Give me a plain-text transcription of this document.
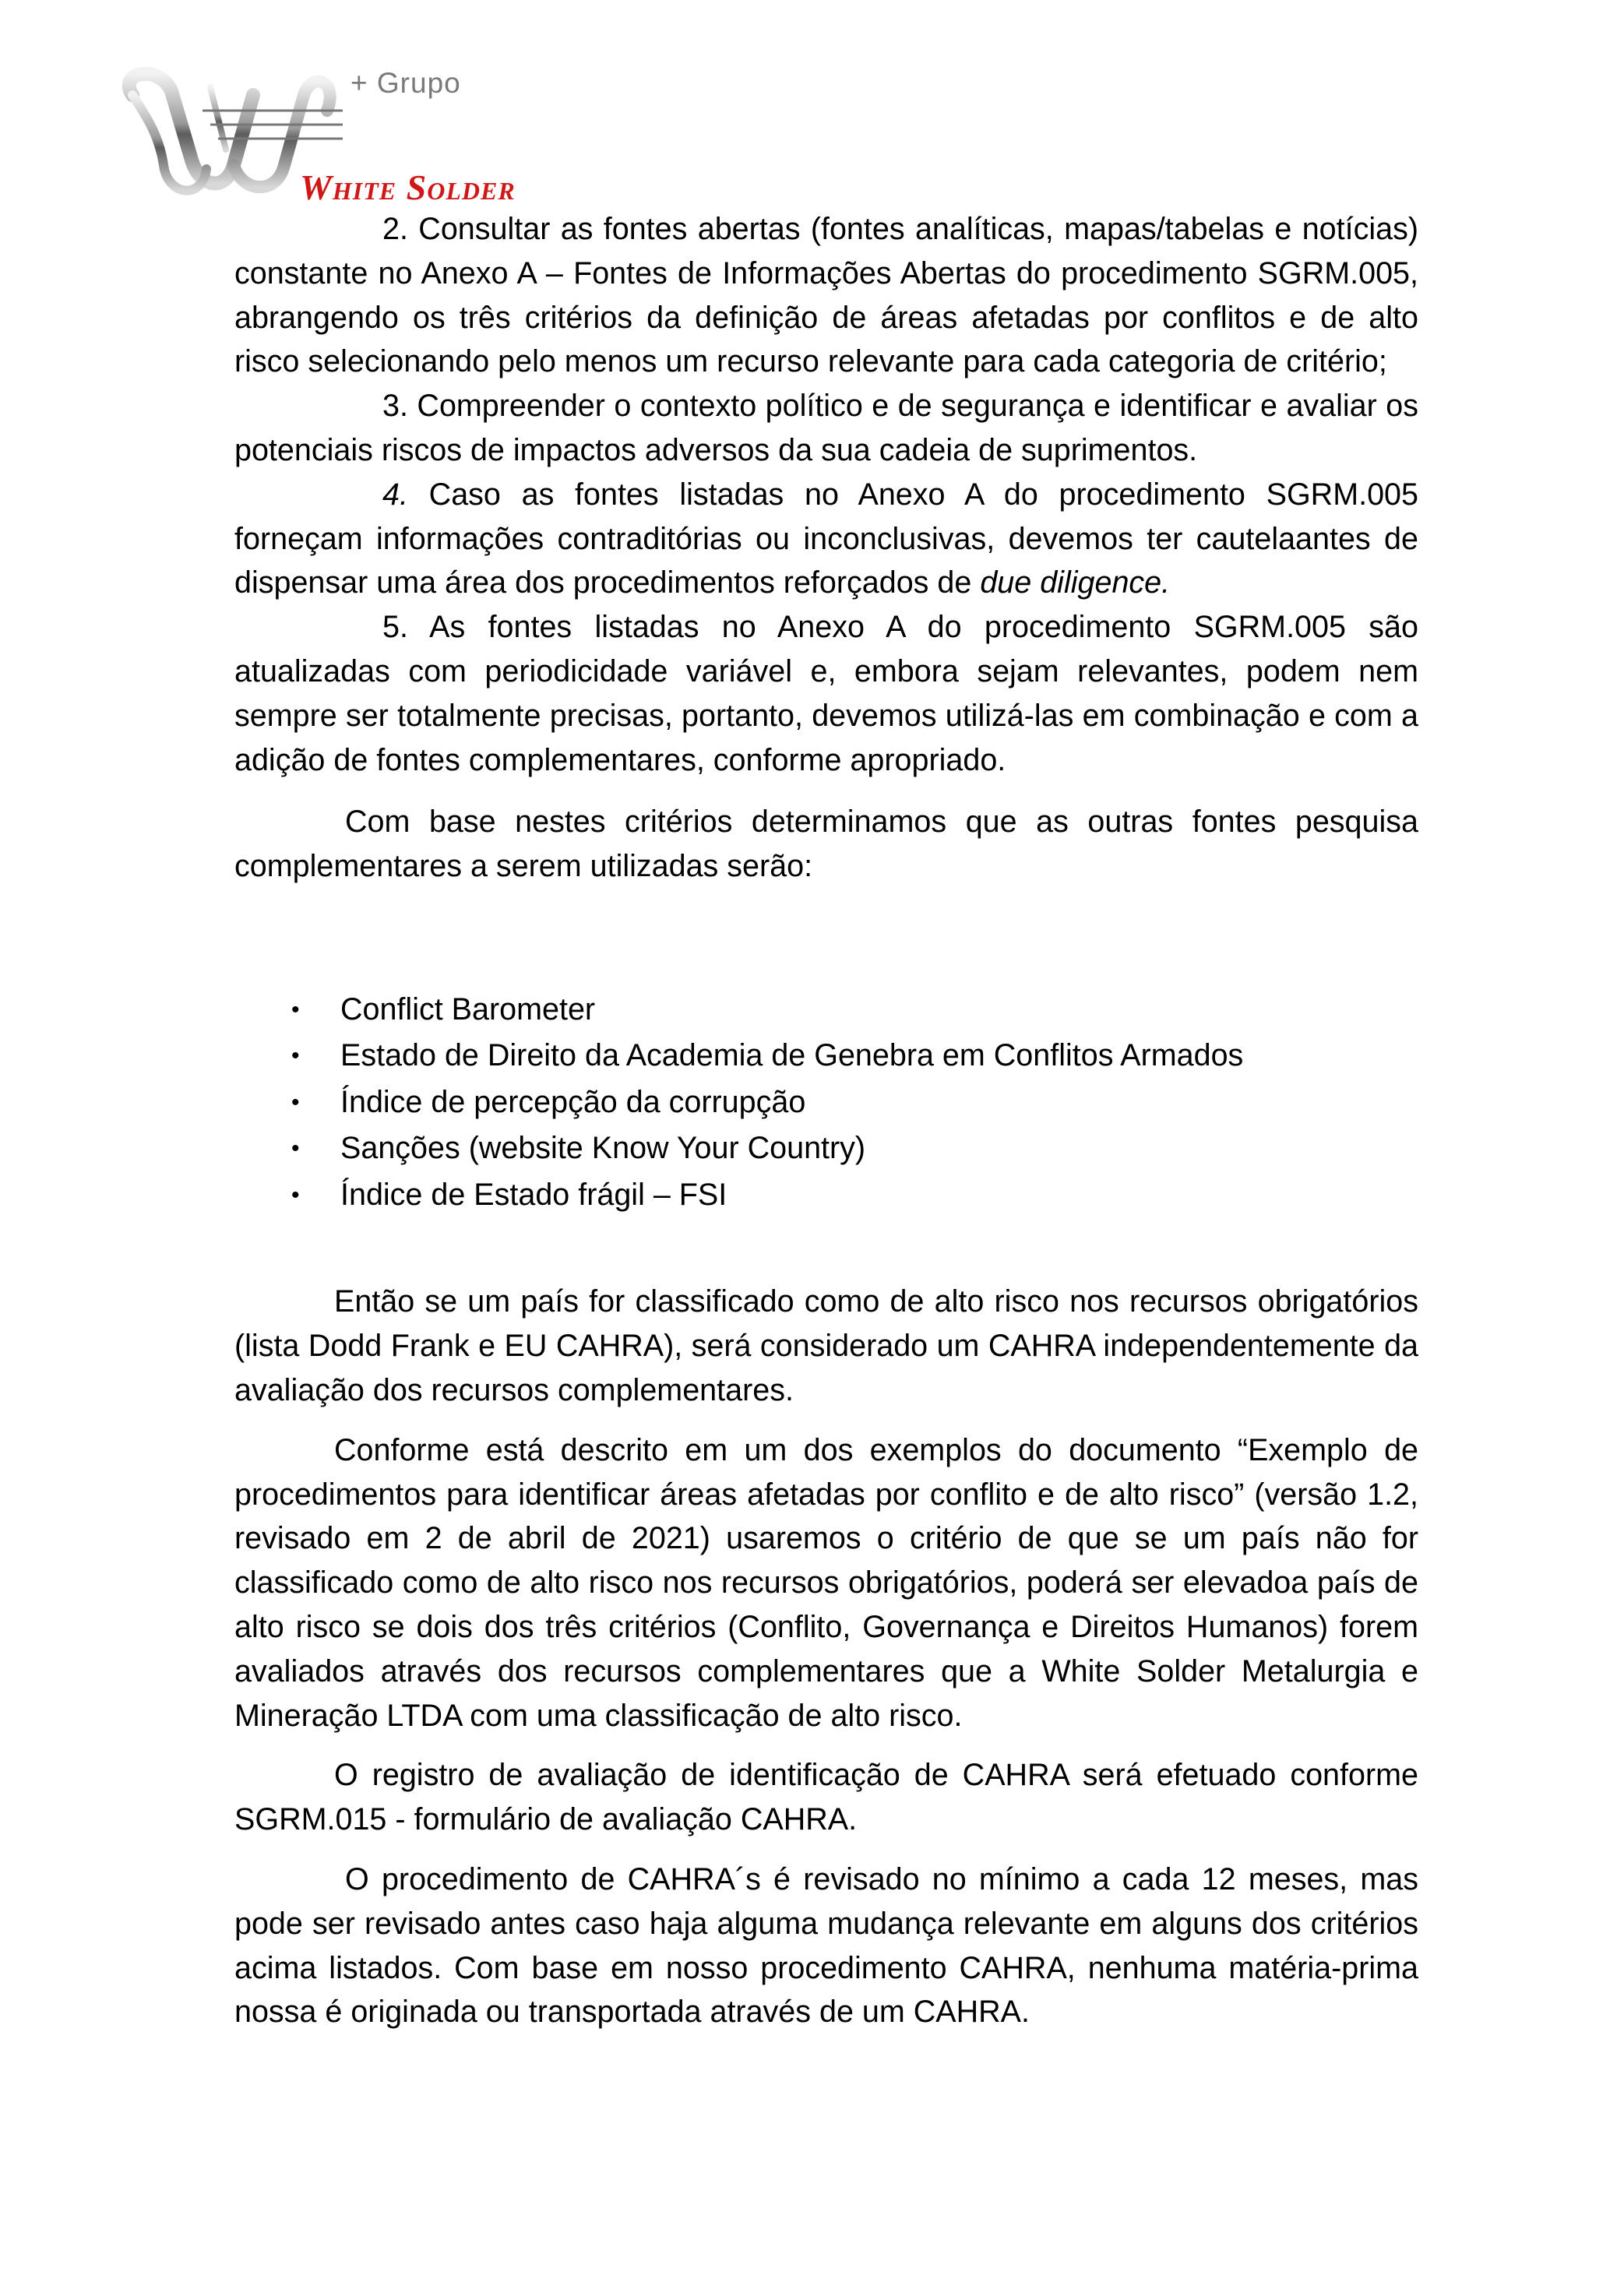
+ Grupo
White Solder

2. Consultar as fontes abertas (fontes analíticas, mapas/tabelas e notícias) constante no Anexo A – Fontes de Informações Abertas do procedimento SGRM.005, abrangendo os três critérios da definição de áreas afetadas por conflitos e de alto risco selecionando pelo menos um recurso relevante para cada categoria de critério;

3. Compreender o contexto político e de segurança e identificar e avaliar os potenciais riscos de impactos adversos da sua cadeia de suprimentos.

4. Caso as fontes listadas no Anexo A do procedimento SGRM.005 forneçam informações contraditórias ou inconclusivas, devemos ter cautelaantes de dispensar uma área dos procedimentos reforçados de due diligence.

5. As fontes listadas no Anexo A do procedimento SGRM.005 são atualizadas com periodicidade variável e, embora sejam relevantes, podem nem sempre ser totalmente precisas, portanto, devemos utilizá-las em combinação e com a adição de fontes complementares, conforme apropriado.

Com base nestes critérios determinamos que as outras fontes pesquisa complementares a serem utilizadas serão:

• Conflict Barometer
• Estado de Direito da Academia de Genebra em Conflitos Armados
• Índice de percepção da corrupção
• Sanções (website Know Your Country)
• Índice de Estado frágil – FSI

Então se um país for classificado como de alto risco nos recursos obrigatórios (lista Dodd Frank e EU CAHRA), será considerado um CAHRA independentemente da avaliação dos recursos complementares.

Conforme está descrito em um dos exemplos do documento “Exemplo de procedimentos para identificar áreas afetadas por conflito e de alto risco” (versão 1.2, revisado em 2 de abril de 2021) usaremos o critério de que se um país não for classificado como de alto risco nos recursos obrigatórios, poderá ser elevadoa país de alto risco se dois dos três critérios (Conflito, Governança e Direitos Humanos) forem avaliados através dos recursos complementares que a White Solder Metalurgia e Mineração LTDA com uma classificação de alto risco.

O registro de avaliação de identificação de CAHRA será efetuado conforme SGRM.015 - formulário de avaliação CAHRA.

O procedimento de CAHRA´s é revisado no mínimo a cada 12 meses, mas pode ser revisado antes caso haja alguma mudança relevante em alguns dos critérios acima listados. Com base em nosso procedimento CAHRA, nenhuma matéria-prima nossa é originada ou transportada através de um CAHRA.
